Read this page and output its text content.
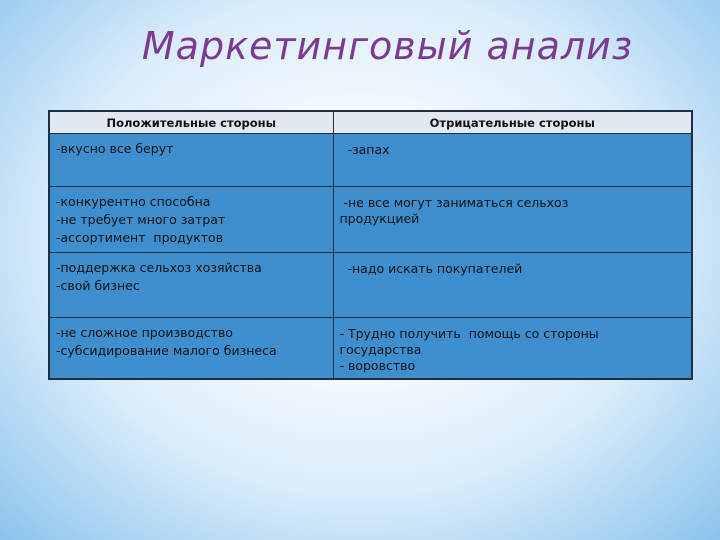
Маркетинговый анализ
Положительные стороны	Отрицательные стороны

-вкусно все берут	-запах

-конкурентно способна
-не требует много затрат
-ассортимент  продуктов	-не все могут заниматься сельхоз
продукцией

-поддержка сельхоз хозяйства
-свой бизнес	-надо искать покупателей

-не сложное производство
-субсидирование малого бизнеса	- Трудно получить  помощь со стороны
государства
- воровство
